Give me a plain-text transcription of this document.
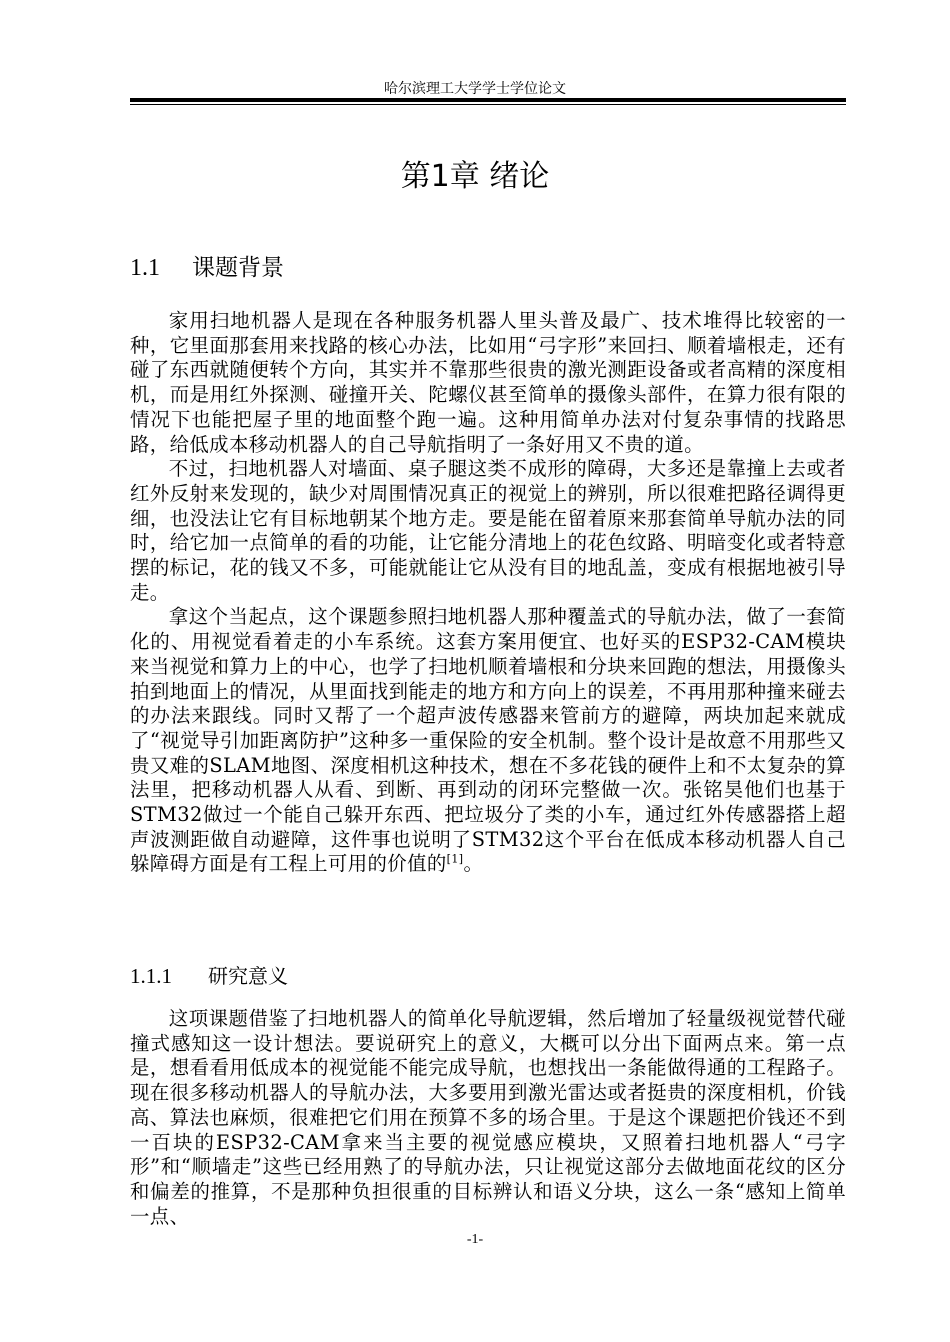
哈尔滨理工大学学士学位论文
第1章 绪论
1.1 课题背景

家用扫地机器人是现在各种服务机器人里头普及最广、技术堆得比较密的一种，它里面那套用来找路的核心办法，比如用“弓字形”来回扫、顺着墙根走，还有碰了东西就随便转个方向，其实并不靠那些很贵的激光测距设备或者高精的深度相机，而是用红外探测、碰撞开关、陀螺仪甚至简单的摄像头部件，在算力很有限的情况下也能把屋子里的地面整个跑一遍。这种用简单办法对付复杂事情的找路思路，给低成本移动机器人的自己导航指明了一条好用又不贵的道。

不过，扫地机器人对墙面、桌子腿这类不成形的障碍，大多还是靠撞上去或者红外反射来发现的，缺少对周围情况真正的视觉上的辨别，所以很难把路径调得更细，也没法让它有目标地朝某个地方走。要是能在留着原来那套简单导航办法的同时，给它加一点简单的看的功能，让它能分清地上的花色纹路、明暗变化或者特意摆的标记，花的钱又不多，可能就能让它从没有目的地乱盖，变成有根据地被引导走。

拿这个当起点，这个课题参照扫地机器人那种覆盖式的导航办法，做了一套简化的、用视觉看着走的小车系统。这套方案用便宜、也好买的ESP32-CAM模块来当视觉和算力上的中心，也学了扫地机顺着墙根和分块来回跑的想法，用摄像头拍到地面上的情况，从里面找到能走的地方和方向上的误差，不再用那种撞来碰去的办法来跟线。同时又帮了一个超声波传感器来管前方的避障，两块加起来就成了“视觉导引加距离防护”这种多一重保险的安全机制。整个设计是故意不用那些又贵又难的SLAM地图、深度相机这种技术，想在不多花钱的硬件上和不太复杂的算法里，把移动机器人从看、到断、再到动的闭环完整做一次。张铭昊他们也基于STM32做过一个能自己躲开东西、把垃圾分了类的小车，通过红外传感器搭上超声波测距做自动避障，这件事也说明了STM32这个平台在低成本移动机器人自己躲障碍方面是有工程上可用的价值的[1]。

1.1.1 研究意义

这项课题借鉴了扫地机器人的简单化导航逻辑，然后增加了轻量级视觉替代碰撞式感知这一设计想法。要说研究上的意义，大概可以分出下面两点来。第一点是，想看看用低成本的视觉能不能完成导航，也想找出一条能做得通的工程路子。现在很多移动机器人的导航办法，大多要用到激光雷达或者挺贵的深度相机，价钱高、算法也麻烦，很难把它们用在预算不多的场合里。于是这个课题把价钱还不到一百块的ESP32-CAM拿来当主要的视觉感应模块，又照着扫地机器人“弓字形”和“顺墙走”这些已经用熟了的导航办法，只让视觉这部分去做地面花纹的区分和偏差的推算，不是那种负担很重的目标辨认和语义分块，这么一条“感知上简单一点、

-1-
